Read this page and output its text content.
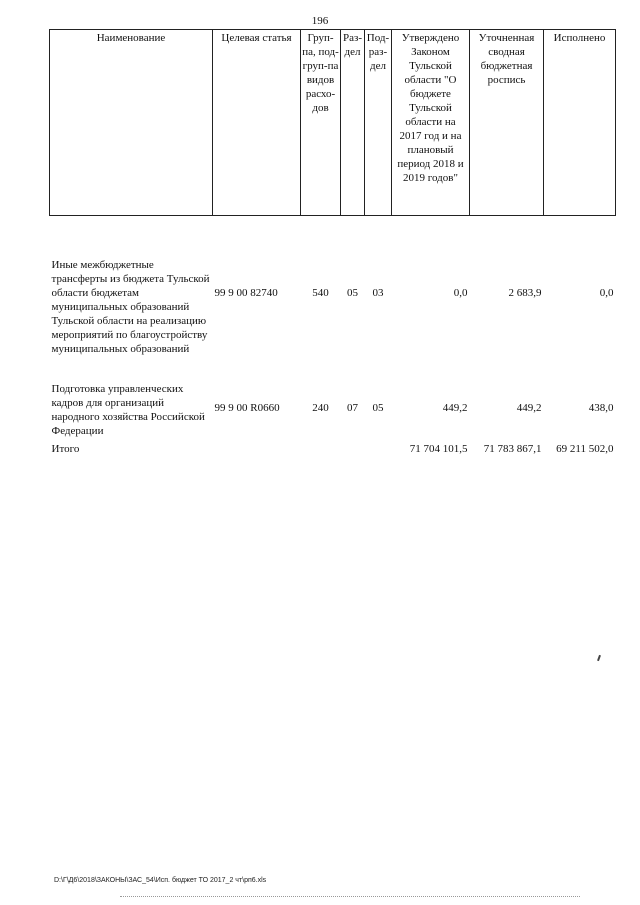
196
Наименование	Целевая статья	Груп-па, под-груп-па видов расхо-дов	Раз-дел	Под-раз-дел	Утверждено Законом Тульской области "О бюджете Тульской области на 2017 год и на плановый период 2018 и 2019 годов"	Уточненная сводная бюджетная роспись	Исполнено

Иные межбюджетные трансферты из бюджета Тульской области бюджетам муниципальных образований Тульской области на реализацию мероприятий по благоустройству муниципальных образований	99 9 00 82740	540	05	03	0,0	2 683,9	0,0

Подготовка управленческих кадров для организаций народного хозяйства Российской Федерации	99 9 00 R0660	240	07	05	449,2	449,2	438,0

Итого					71 704 101,5	71 783 867,1	69 211 502,0
D:\Г\Д6\2018\ЗАКОНЫ\ЗАС_54\Исп. бюджет ТО 2017_2 чт\рп6.xls
